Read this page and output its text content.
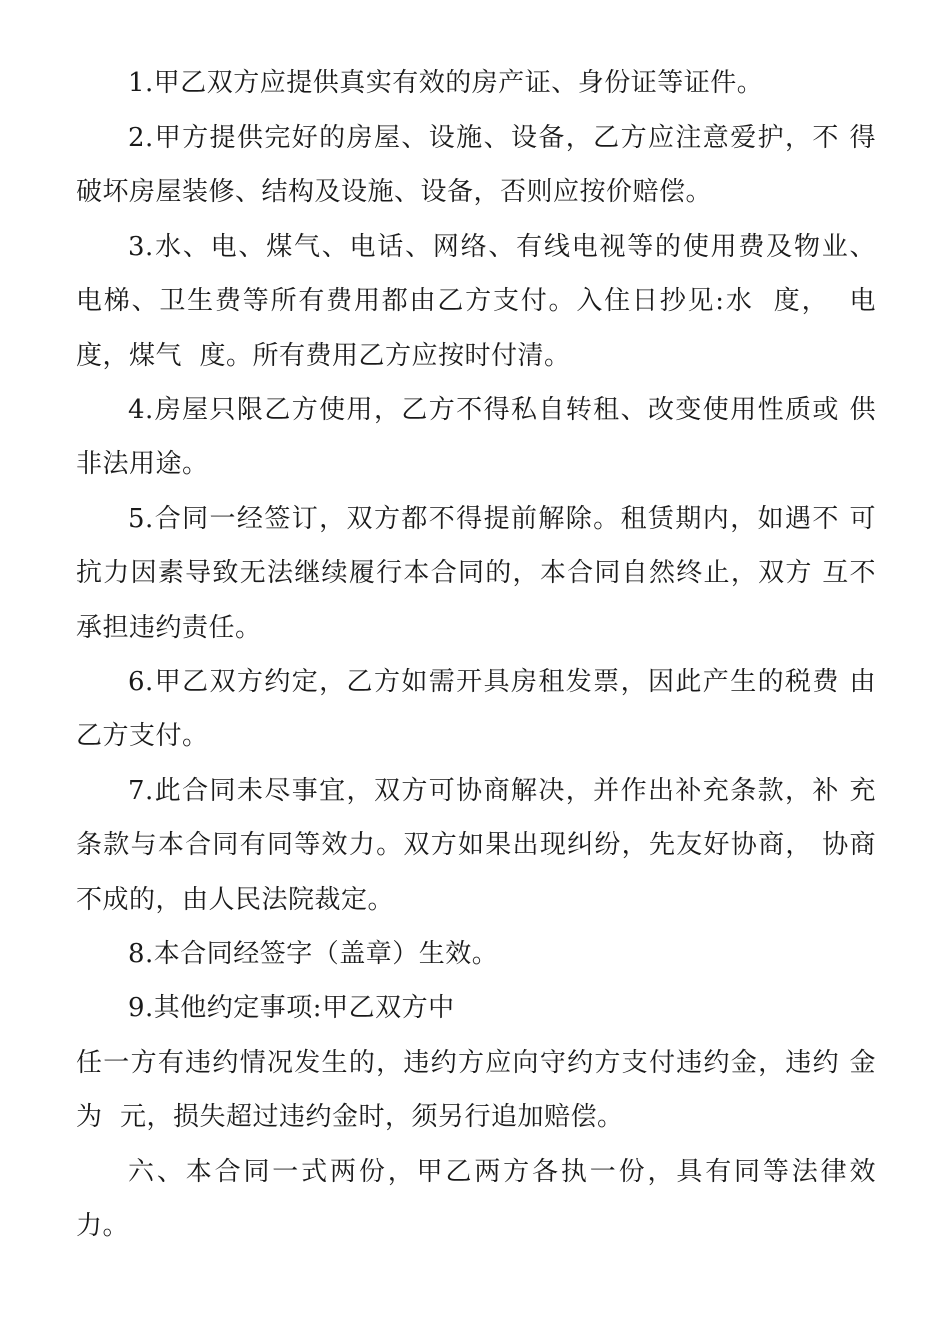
1.甲乙双方应提供真实有效的房产证、身份证等证件。
2.甲方提供完好的房屋、设施、设备，乙方应注意爱护，不 得
破坏房屋装修、结构及设施、设备，否则应按价赔偿。
3.水、电、煤气、电话、网络、有线电视等的使用费及物业、
电梯、卫生费等所有费用都由乙方支付。入住日抄见:水  度，  电
度，煤气  度。所有费用乙方应按时付清。
4.房屋只限乙方使用，乙方不得私自转租、改变使用性质或 供
非法用途。
5.合同一经签订，双方都不得提前解除。租赁期内，如遇不 可
抗力因素导致无法继续履行本合同的，本合同自然终止，双方 互不
承担违约责任。
6.甲乙双方约定，乙方如需开具房租发票，因此产生的税费 由
乙方支付。
7.此合同未尽事宜，双方可协商解决，并作出补充条款，补 充
条款与本合同有同等效力。双方如果出现纠纷，先友好协商， 协商
不成的，由人民法院裁定。
8.本合同经签字（盖章）生效。
9.其他约定事项:甲乙双方中
任一方有违约情况发生的，违约方应向守约方支付违约金，违约 金
为  元，损失超过违约金时，须另行追加赔偿。
六、本合同一式两份，甲乙两方各执一份，具有同等法律效
力。
